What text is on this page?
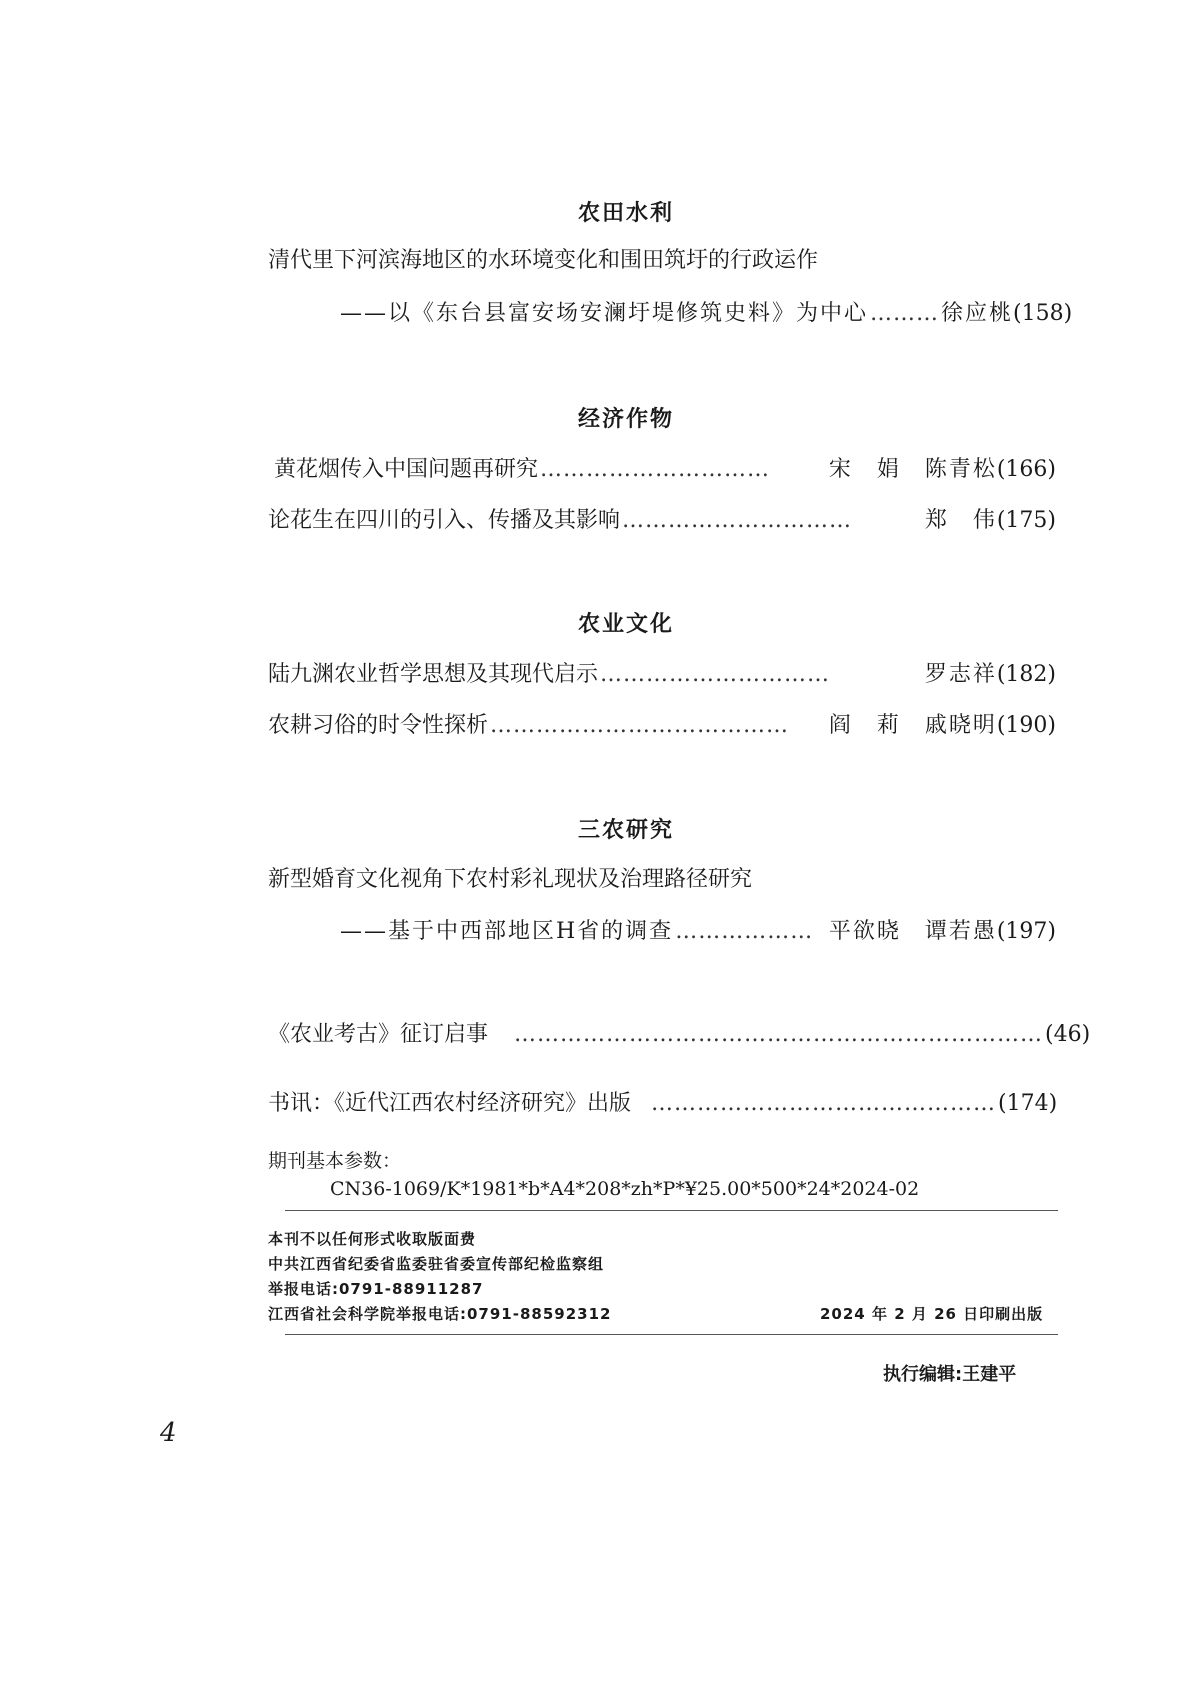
农田水利
清代里下河滨海地区的水环境变化和围田筑圩的行政运作
——以《东台县富安场安澜圩堤修筑史料》为中心 ……… 徐应桃 (158)
经济作物
黄花烟传入中国问题再研究 …………………………	宋　娟　陈青松 (166)
论花生在四川的引入、传播及其影响 …………………………	郑　伟 (175)
农业文化
陆九渊农业哲学思想及其现代启示 …………………………	罗志祥 (182)
农耕习俗的时令性探析 …………………………………	阎　莉　戚晓明 (190)
三农研究
新型婚育文化视角下农村彩礼现状及治理路径研究
——基于中西部地区H省的调查 ……………… 平欲晓　谭若愚 (197)
《农业考古》征订启事 …………………………………………………………… (46)
书讯：《近代江西农村经济研究》出版 ……………………………………… (174)
期刊基本参数：
CN36-1069/K*1981*b*A4*208*zh*P*¥25.00*500*24*2024-02
本刊不以任何形式收取版面费
中共江西省纪委省监委驻省委宣传部纪检监察组
举报电话:0791-88911287
江西省社会科学院举报电话:0791-88592312	2024 年 2 月 26 日印刷出版
执行编辑:王建平
4
